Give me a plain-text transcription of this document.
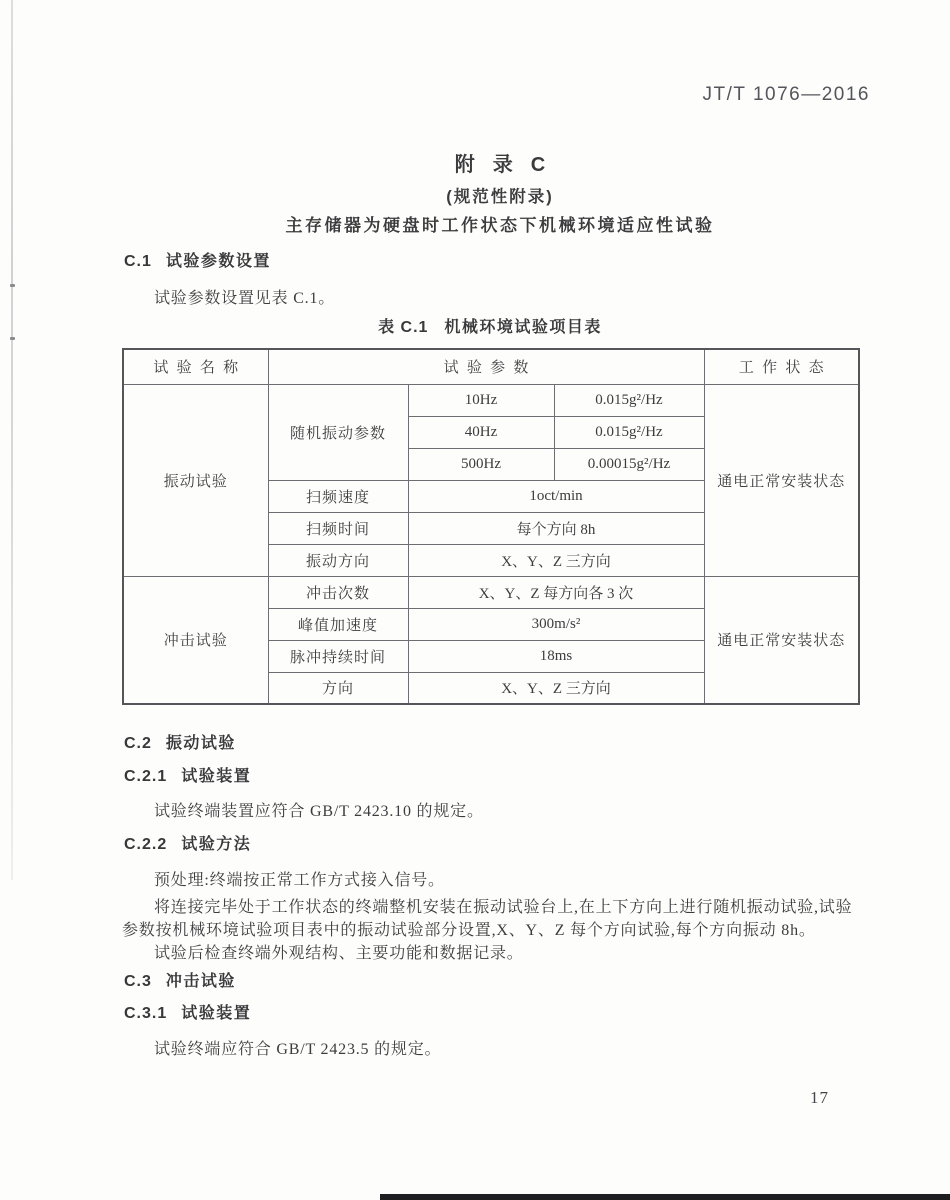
JT/T 1076—2016
附录C
(规范性附录)
主存储器为硬盘时工作状态下机械环境适应性试验
C.1 试验参数设置
试验参数设置见表 C.1。
表 C.1 机械环境试验项目表
试验名称	试验参数			工作状态
振动试验	随机振动参数	10Hz	0.015g²/Hz	通电正常安装状态
		40Hz	0.015g²/Hz	
		500Hz	0.00015g²/Hz	
	扫频速度	1oct/min		
	扫频时间	每个方向 8h		
	振动方向	X、Y、Z 三方向		
冲击试验	冲击次数	X、Y、Z 每方向各 3 次		通电正常安装状态
	峰值加速度	300m/s²		
	脉冲持续时间	18ms		
	方向	X、Y、Z 三方向		
C.2 振动试验
C.2.1 试验装置
试验终端装置应符合 GB/T 2423.10 的规定。
C.2.2 试验方法
预处理:终端按正常工作方式接入信号。
将连接完毕处于工作状态的终端整机安装在振动试验台上,在上下方向上进行随机振动试验,试验
参数按机械环境试验项目表中的振动试验部分设置,X、Y、Z 每个方向试验,每个方向振动 8h。
试验后检查终端外观结构、主要功能和数据记录。
C.3 冲击试验
C.3.1 试验装置
试验终端应符合 GB/T 2423.5 的规定。
17
